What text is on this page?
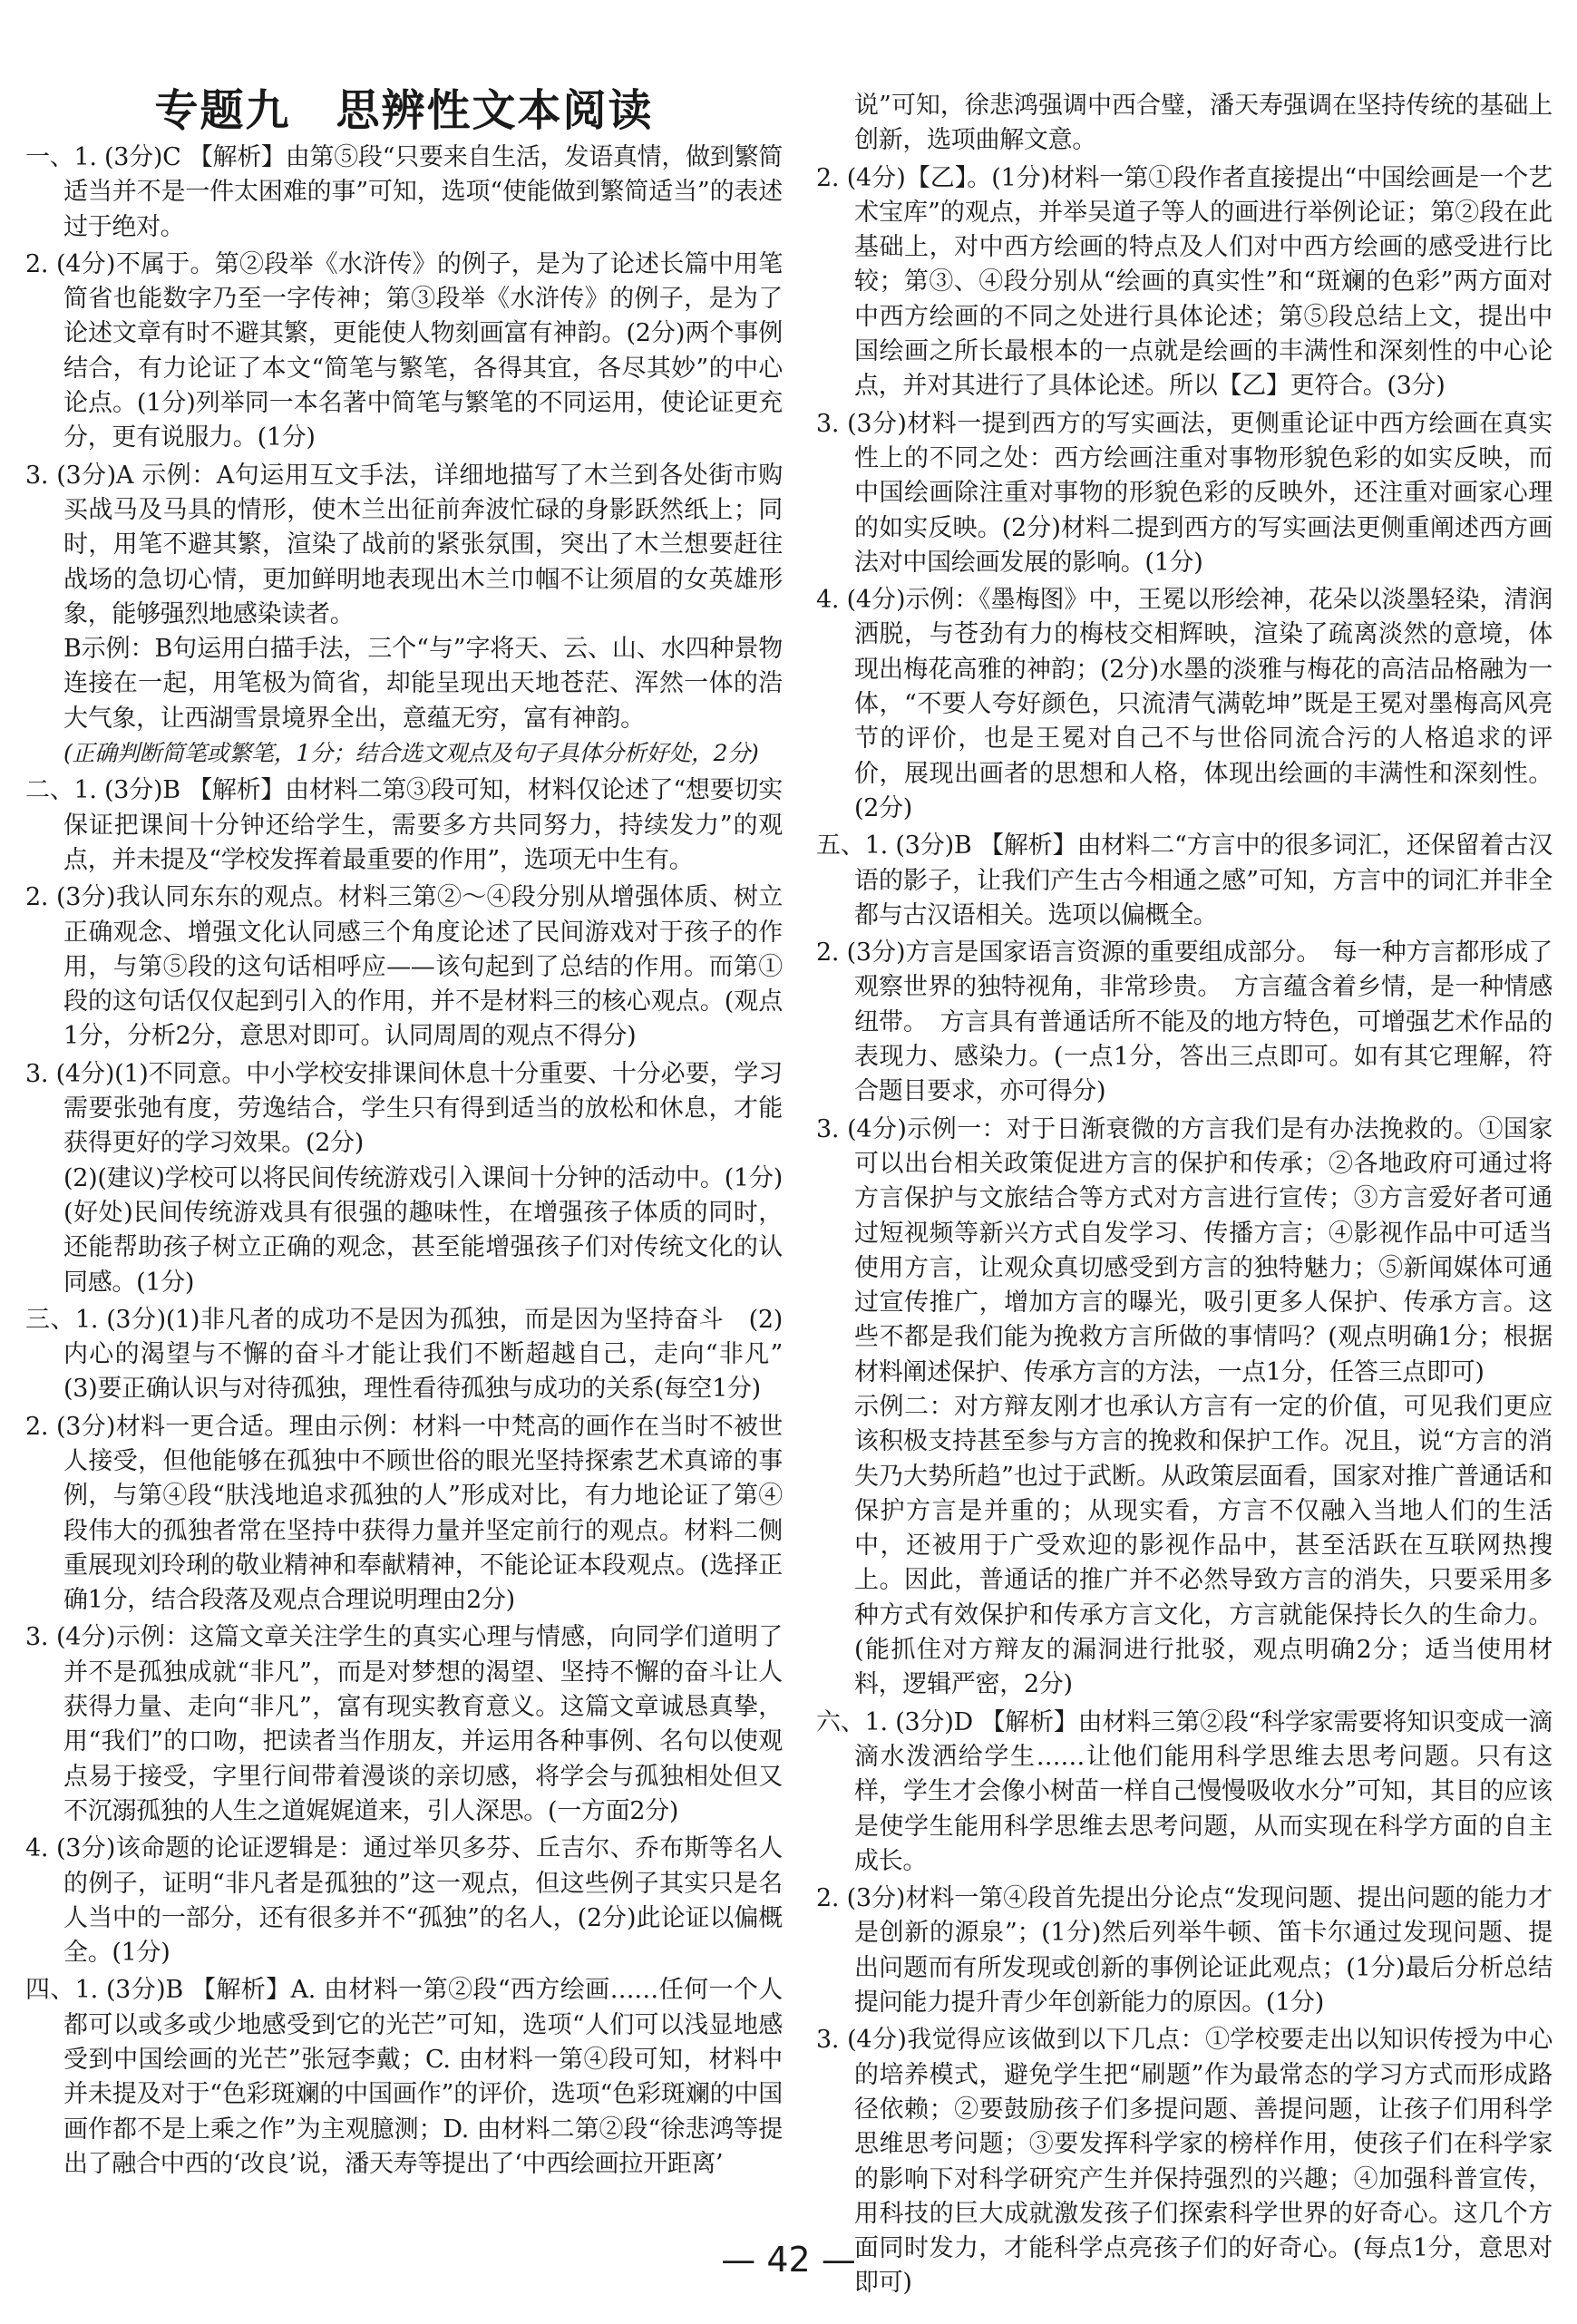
专题九　思辨性文本阅读

一、1. (3分)C 【解析】由第⑤段“只要来自生活，发语真情，做到繁简适当并不是一件太困难的事”可知，选项“使能做到繁简适当”的表述过于绝对。

2. (4分)不属于。第②段举《水浒传》的例子，是为了论述长篇中用笔简省也能数字乃至一字传神；第③段举《水浒传》的例子，是为了论述文章有时不避其繁，更能使人物刻画富有神韵。(2分)两个事例结合，有力论证了本文“简笔与繁笔，各得其宜，各尽其妙”的中心论点。(1分)列举同一本名著中简笔与繁笔的不同运用，使论证更充分，更有说服力。(1分)

3. (3分)A 示例：A句运用互文手法，详细地描写了木兰到各处街市购买战马及马具的情形，使木兰出征前奔波忙碌的身影跃然纸上；同时，用笔不避其繁，渲染了战前的紧张氛围，突出了木兰想要赶往战场的急切心情，更加鲜明地表现出木兰巾帼不让须眉的女英雄形象，能够强烈地感染读者。

B示例：B句运用白描手法，三个“与”字将天、云、山、水四种景物连接在一起，用笔极为简省，却能呈现出天地苍茫、浑然一体的浩大气象，让西湖雪景境界全出，意蕴无穷，富有神韵。

(正确判断简笔或繁笔，1分；结合选文观点及句子具体分析好处，2分)

二、1. (3分)B 【解析】由材料二第③段可知，材料仅论述了“想要切实保证把课间十分钟还给学生，需要多方共同努力，持续发力”的观点，并未提及“学校发挥着最重要的作用”，选项无中生有。

2. (3分)我认同东东的观点。材料三第②～④段分别从增强体质、树立正确观念、增强文化认同感三个角度论述了民间游戏对于孩子的作用，与第⑤段的这句话相呼应——该句起到了总结的作用。而第①段的这句话仅仅起到引入的作用，并不是材料三的核心观点。(观点1分，分析2分，意思对即可。认同周周的观点不得分)

3. (4分)(1)不同意。中小学校安排课间休息十分重要、十分必要，学习需要张弛有度，劳逸结合，学生只有得到适当的放松和休息，才能获得更好的学习效果。(2分)

(2)(建议)学校可以将民间传统游戏引入课间十分钟的活动中。(1分)(好处)民间传统游戏具有很强的趣味性，在增强孩子体质的同时，还能帮助孩子树立正确的观念，甚至能增强孩子们对传统文化的认同感。(1分)

三、1. (3分)(1)非凡者的成功不是因为孤独，而是因为坚持奋斗　(2)内心的渴望与不懈的奋斗才能让我们不断超越自己，走向“非凡”　(3)要正确认识与对待孤独，理性看待孤独与成功的关系(每空1分)

2. (3分)材料一更合适。理由示例：材料一中梵高的画作在当时不被世人接受，但他能够在孤独中不顾世俗的眼光坚持探索艺术真谛的事例，与第④段“肤浅地追求孤独的人”形成对比，有力地论证了第④段伟大的孤独者常在坚持中获得力量并坚定前行的观点。材料二侧重展现刘玲琍的敬业精神和奉献精神，不能论证本段观点。(选择正确1分，结合段落及观点合理说明理由2分)

3. (4分)示例：这篇文章关注学生的真实心理与情感，向同学们道明了并不是孤独成就“非凡”，而是对梦想的渴望、坚持不懈的奋斗让人获得力量、走向“非凡”，富有现实教育意义。这篇文章诚恳真挚，用“我们”的口吻，把读者当作朋友，并运用各种事例、名句以使观点易于接受，字里行间带着漫谈的亲切感，将学会与孤独相处但又不沉溺孤独的人生之道娓娓道来，引人深思。(一方面2分)

4. (3分)该命题的论证逻辑是：通过举贝多芬、丘吉尔、乔布斯等名人的例子，证明“非凡者是孤独的”这一观点，但这些例子其实只是名人当中的一部分，还有很多并不“孤独”的名人，(2分)此论证以偏概全。(1分)

四、1. (3分)B 【解析】A. 由材料一第②段“西方绘画……任何一个人都可以或多或少地感受到它的光芒”可知，选项“人们可以浅显地感受到中国绘画的光芒”张冠李戴；C. 由材料一第④段可知，材料中并未提及对于“色彩斑斓的中国画作”的评价，选项“色彩斑斓的中国画作都不是上乘之作”为主观臆测；D. 由材料二第②段“徐悲鸿等提出了融合中西的‘改良’说，潘天寿等提出了‘中西绘画拉开距离’

说”可知，徐悲鸿强调中西合璧，潘天寿强调在坚持传统的基础上创新，选项曲解文意。

2. (4分)【乙】。(1分)材料一第①段作者直接提出“中国绘画是一个艺术宝库”的观点，并举吴道子等人的画进行举例论证；第②段在此基础上，对中西方绘画的特点及人们对中西方绘画的感受进行比较；第③、④段分别从“绘画的真实性”和“斑斓的色彩”两方面对中西方绘画的不同之处进行具体论述；第⑤段总结上文，提出中国绘画之所长最根本的一点就是绘画的丰满性和深刻性的中心论点，并对其进行了具体论述。所以【乙】更符合。(3分)

3. (3分)材料一提到西方的写实画法，更侧重论证中西方绘画在真实性上的不同之处：西方绘画注重对事物形貌色彩的如实反映，而中国绘画除注重对事物的形貌色彩的反映外，还注重对画家心理的如实反映。(2分)材料二提到西方的写实画法更侧重阐述西方画法对中国绘画发展的影响。(1分)

4. (4分)示例：《墨梅图》中，王冕以形绘神，花朵以淡墨轻染，清润洒脱，与苍劲有力的梅枝交相辉映，渲染了疏离淡然的意境，体现出梅花高雅的神韵；(2分)水墨的淡雅与梅花的高洁品格融为一体，“不要人夸好颜色，只流清气满乾坤”既是王冕对墨梅高风亮节的评价，也是王冕对自己不与世俗同流合污的人格追求的评价，展现出画者的思想和人格，体现出绘画的丰满性和深刻性。(2分)

五、1. (3分)B 【解析】由材料二“方言中的很多词汇，还保留着古汉语的影子，让我们产生古今相通之感”可知，方言中的词汇并非全都与古汉语相关。选项以偏概全。

2. (3分)方言是国家语言资源的重要组成部分。　每一种方言都形成了观察世界的独特视角，非常珍贵。　方言蕴含着乡情，是一种情感纽带。　方言具有普通话所不能及的地方特色，可增强艺术作品的表现力、感染力。(一点1分，答出三点即可。如有其它理解，符合题目要求，亦可得分)

3. (4分)示例一：对于日渐衰微的方言我们是有办法挽救的。①国家可以出台相关政策促进方言的保护和传承；②各地政府可通过将方言保护与文旅结合等方式对方言进行宣传；③方言爱好者可通过短视频等新兴方式自发学习、传播方言；④影视作品中可适当使用方言，让观众真切感受到方言的独特魅力；⑤新闻媒体可通过宣传推广，增加方言的曝光，吸引更多人保护、传承方言。这些不都是我们能为挽救方言所做的事情吗？(观点明确1分；根据材料阐述保护、传承方言的方法，一点1分，任答三点即可)

示例二：对方辩友刚才也承认方言有一定的价值，可见我们更应该积极支持甚至参与方言的挽救和保护工作。况且，说“方言的消失乃大势所趋”也过于武断。从政策层面看，国家对推广普通话和保护方言是并重的；从现实看，方言不仅融入当地人们的生活中，还被用于广受欢迎的影视作品中，甚至活跃在互联网热搜上。因此，普通话的推广并不必然导致方言的消失，只要采用多种方式有效保护和传承方言文化，方言就能保持长久的生命力。(能抓住对方辩友的漏洞进行批驳，观点明确2分；适当使用材料，逻辑严密，2分)

六、1. (3分)D 【解析】由材料三第②段“科学家需要将知识变成一滴滴水泼洒给学生……让他们能用科学思维去思考问题。只有这样，学生才会像小树苗一样自己慢慢吸收水分”可知，其目的应该是使学生能用科学思维去思考问题，从而实现在科学方面的自主成长。

2. (3分)材料一第④段首先提出分论点“发现问题、提出问题的能力才是创新的源泉”；(1分)然后列举牛顿、笛卡尔通过发现问题、提出问题而有所发现或创新的事例论证此观点；(1分)最后分析总结提问能力提升青少年创新能力的原因。(1分)

3. (4分)我觉得应该做到以下几点：①学校要走出以知识传授为中心的培养模式，避免学生把“刷题”作为最常态的学习方式而形成路径依赖；②要鼓励孩子们多提问题、善提问题，让孩子们用科学思维思考问题；③要发挥科学家的榜样作用，使孩子们在科学家的影响下对科学研究产生并保持强烈的兴趣；④加强科普宣传，用科技的巨大成就激发孩子们探索科学世界的好奇心。这几个方面同时发力，才能科学点亮孩子们的好奇心。(每点1分，意思对即可)

— 42 —
